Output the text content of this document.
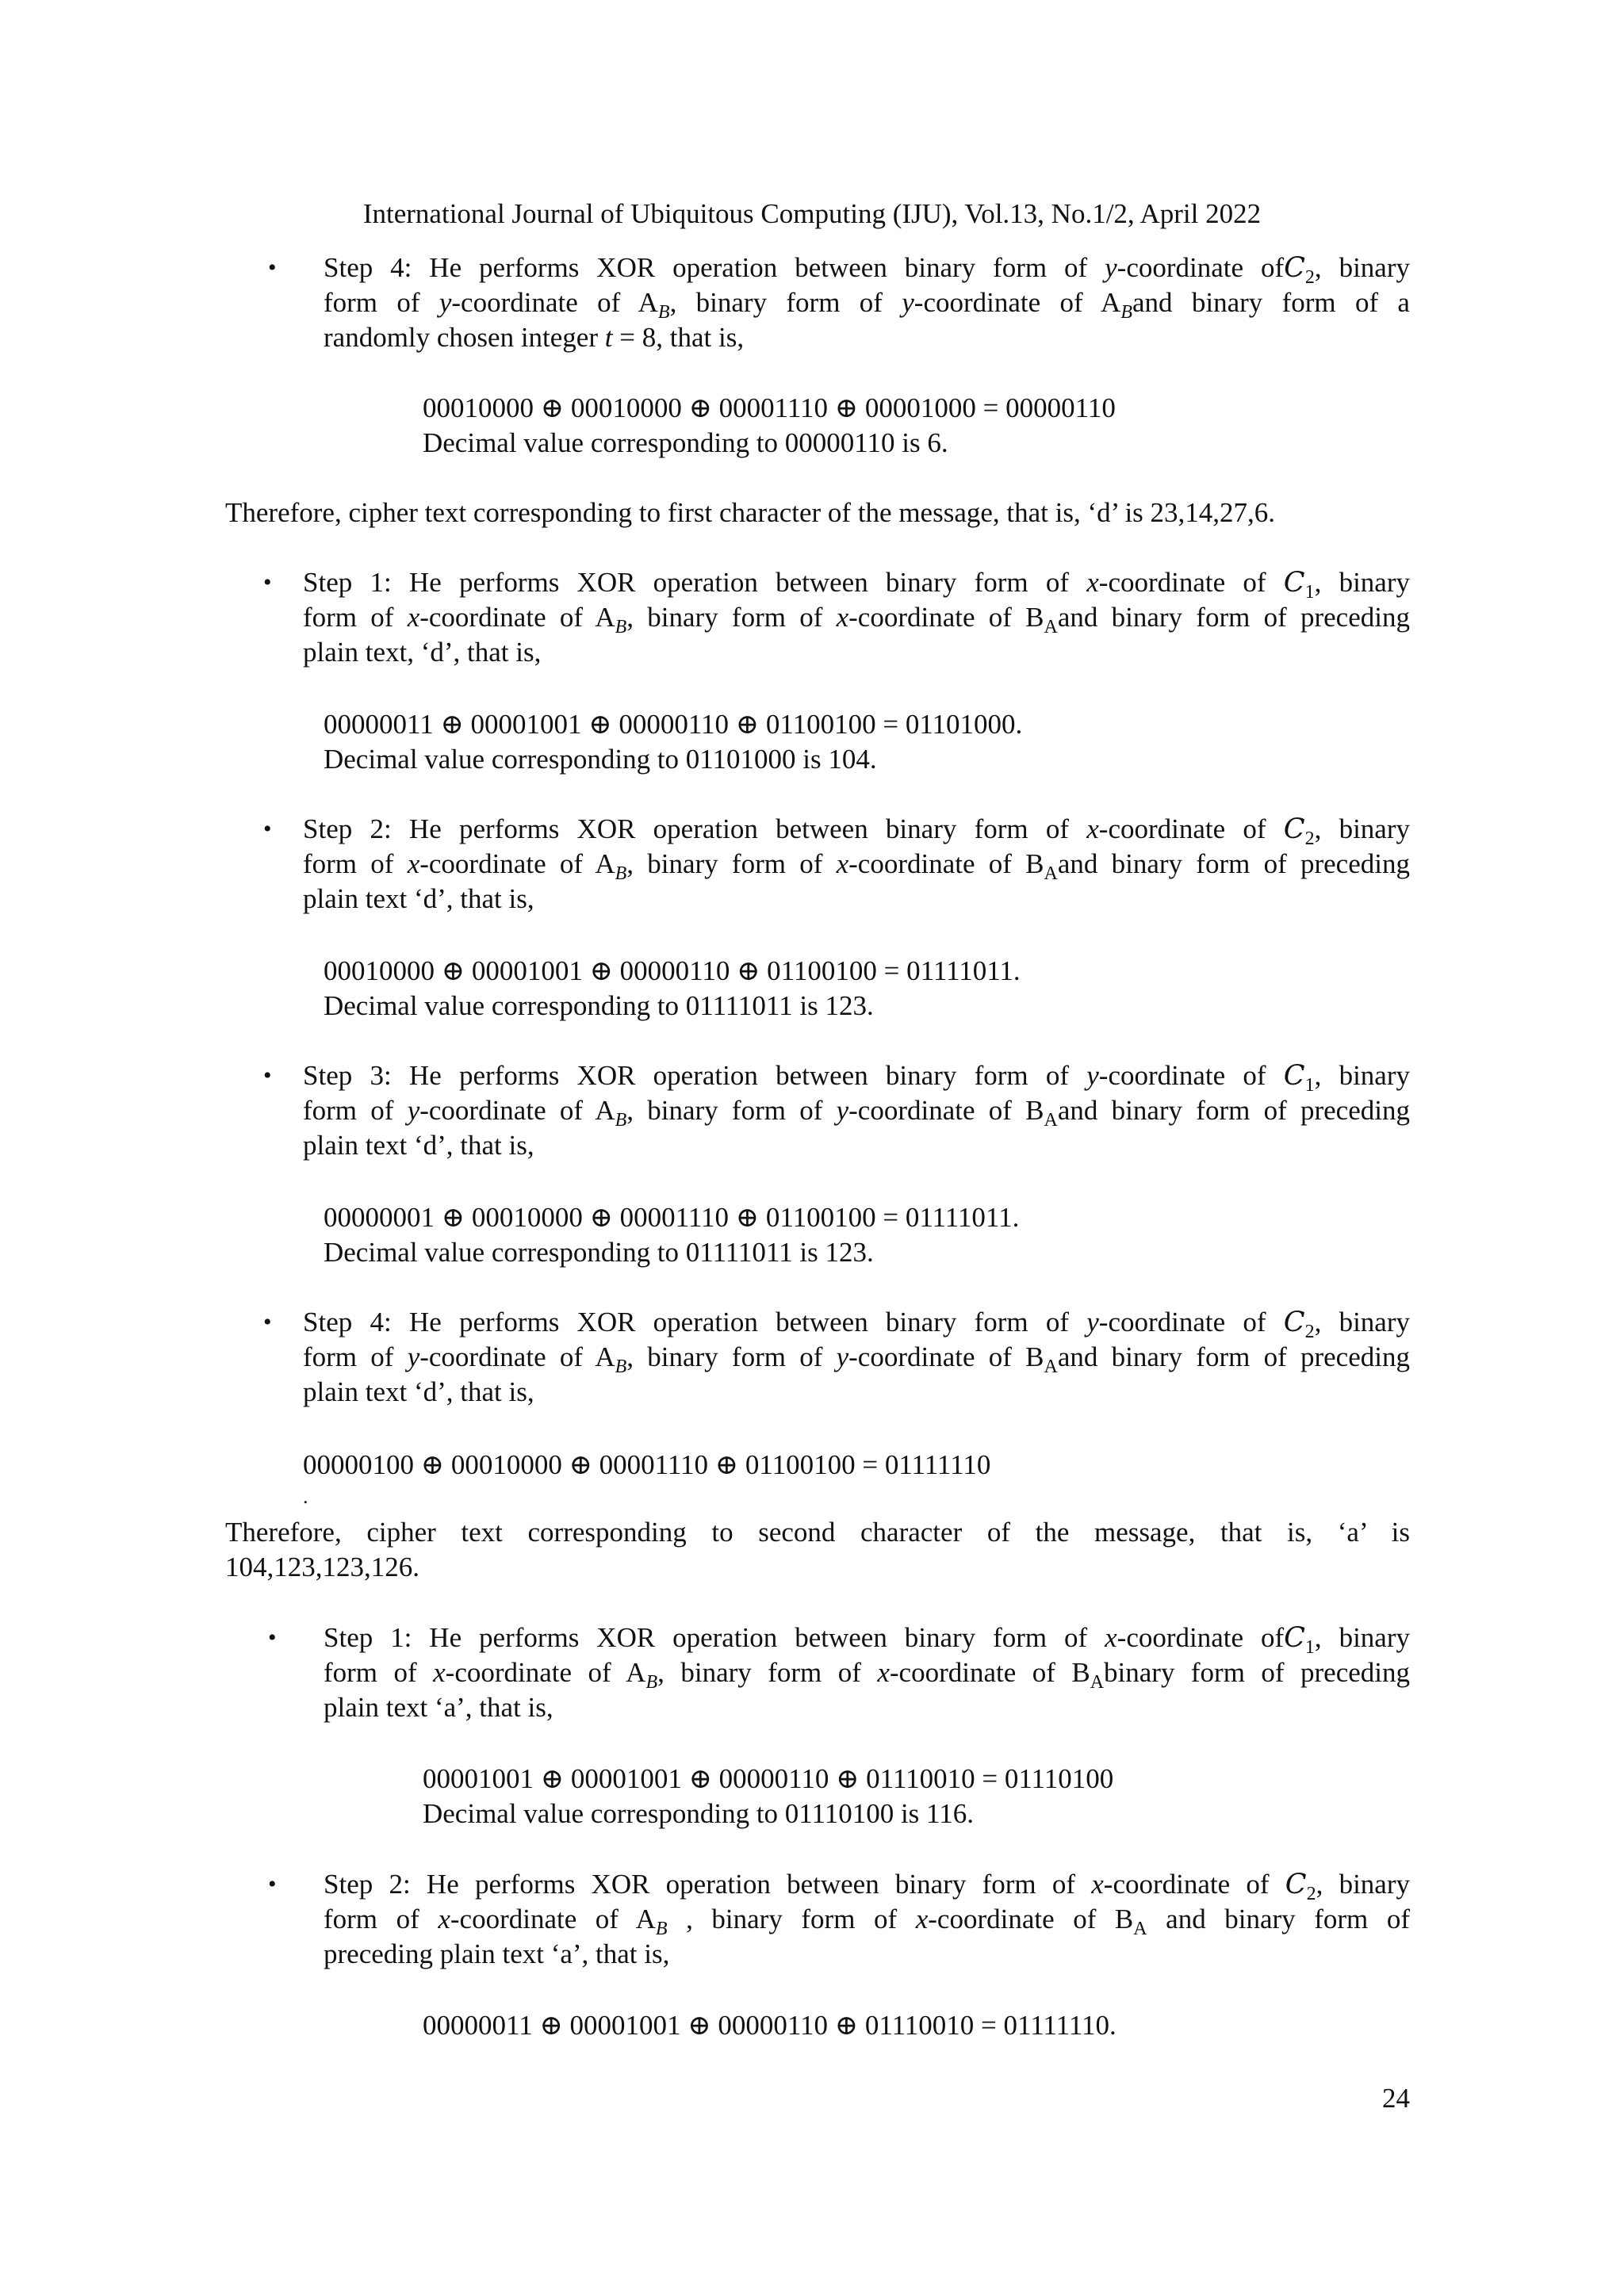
International Journal of Ubiquitous Computing (IJU), Vol.13, No.1/2, April 2022
•	Step 4: He performs XOR operation between binary form of y-coordinate ofC$_2$, binary
form of y-coordinate of $A_B$, binary form of y-coordinate of $A_Band$ binary form of a
randomly chosen integer t = 8, that is,
00010000 ⊕ 00010000 ⊕ 00001110 ⊕ 00001000 = 00000110
Decimal value corresponding to 00000110 is 6.
Therefore, cipher text corresponding to first character of the message, that is, ‘d’ is 23,14,27,6.
•	Step 1: He performs XOR operation between binary form of x-coordinate of $C_1$, binary
form of x-coordinate of $A_B$, binary form of x-coordinate of $B_Aand$ binary form of preceding
plain text, ‘d’, that is,
00000011 ⊕ 00001001 ⊕ 00000110 ⊕ 01100100 = 01101000.
Decimal value corresponding to 01101000 is 104.
•	Step 2: He performs XOR operation between binary form of x-coordinate of $C_2$, binary
form of x-coordinate of $A_B$, binary form of x-coordinate of $B_Aand$ binary form of preceding
plain text ‘d’, that is,
00010000 ⊕ 00001001 ⊕ 00000110 ⊕ 01100100 = 01111011.
Decimal value corresponding to 01111011 is 123.
•	Step 3: He performs XOR operation between binary form of y-coordinate of $C_1$, binary
form of y-coordinate of $A_B$, binary form of y-coordinate of $B_Aand$ binary form of preceding
plain text ‘d’, that is,
00000001 ⊕ 00010000 ⊕ 00001110 ⊕ 01100100 = 01111011.
Decimal value corresponding to 01111011 is 123.
•	Step 4: He performs XOR operation between binary form of y-coordinate of $C_2$, binary
form of y-coordinate of $A_B$, binary form of y-coordinate of $B_Aand$ binary form of preceding
plain text ‘d’, that is,
00000100 ⊕ 00010000 ⊕ 00001110 ⊕ 01100100 = 01111110
.
Therefore, cipher text corresponding to second character of the message, that is, ‘a’ is
104,123,123,126.
•	Step 1: He performs XOR operation between binary form of x-coordinate ofC$_1$, binary
form of x-coordinate of $A_B$, binary form of x-coordinate of $B_Abinary$ form of preceding
plain text ‘a’, that is,
00001001 ⊕ 00001001 ⊕ 00000110 ⊕ 01110010 = 01110100
Decimal value corresponding to 01110100 is 116.
•	Step 2: He performs XOR operation between binary form of x-coordinate of $C_2$, binary
form of x-coordinate of $A_B$ , binary form of x-coordinate of $B_A$ and binary form of
preceding plain text ‘a’, that is,
00000011 ⊕ 00001001 ⊕ 00000110 ⊕ 01110010 = 01111110.
24
